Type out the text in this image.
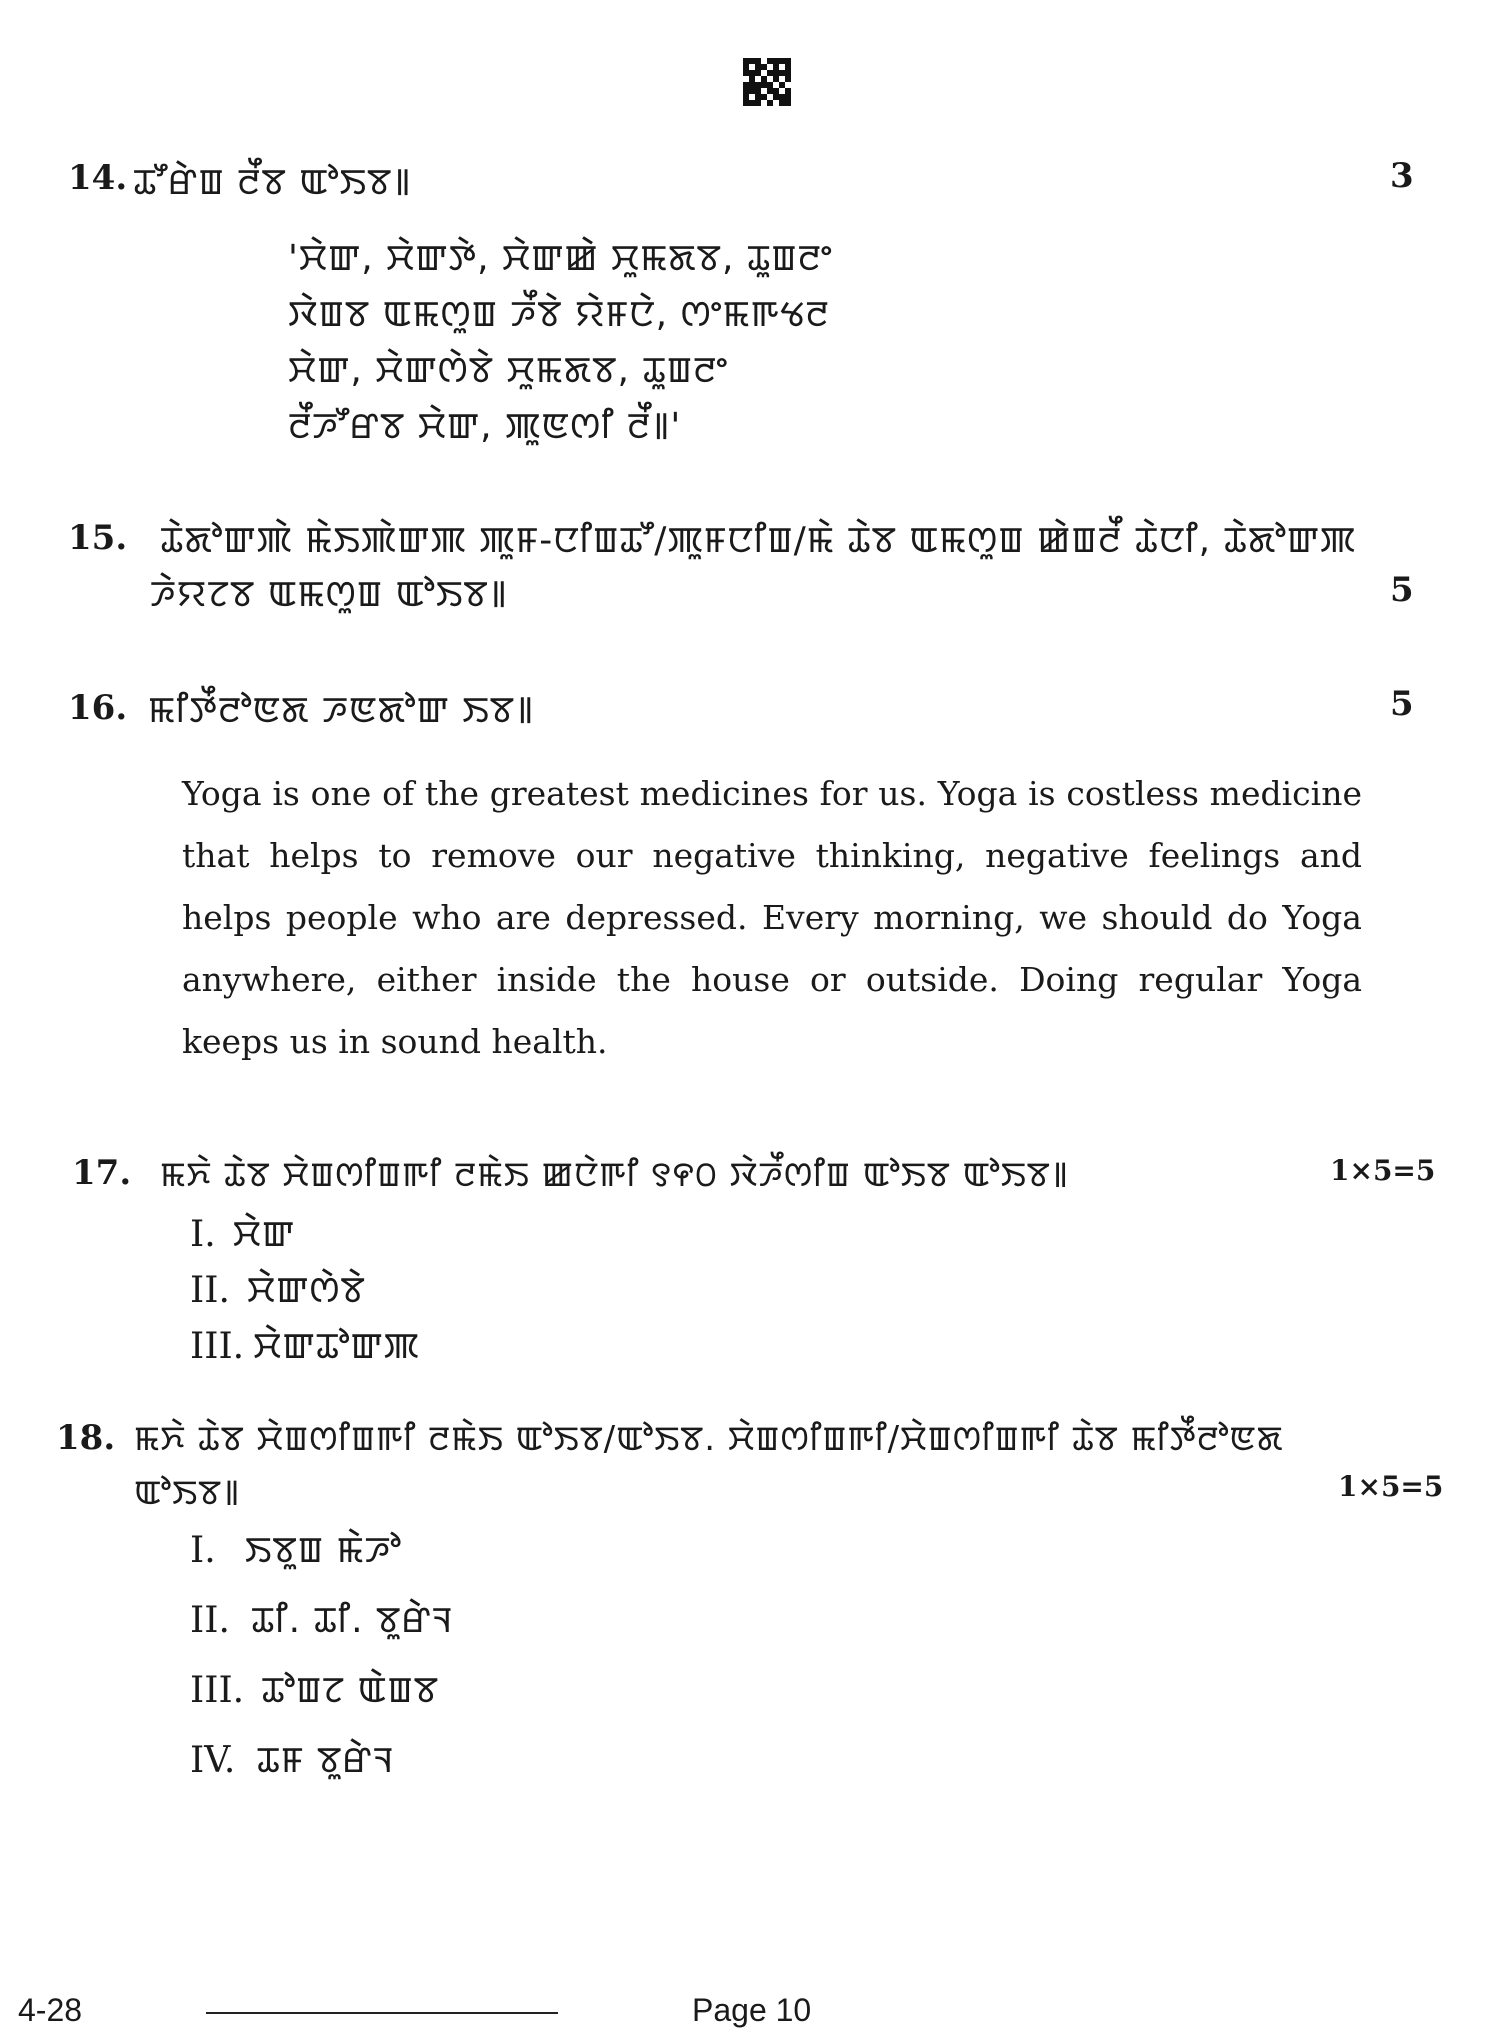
14. ꯊꯧꯔꯥꯡ ꯂꯩꯕ ꯑꯣꯏꯕ꯫	3
'ꯆꯥꯛ, ꯆꯥꯛꯇꯥ, ꯆꯥꯛꯀꯥ ꯆꯨꯃꯗꯕ, ꯊꯨꯡꯂꯦ
ꯋꯥꯡꯕ ꯑꯃꯁꯨꯡ ꯍꯩꯕꯥ ꯌꯥꯝꯅꯥ, ꯁꯦꯃꯒꯠꯂ
ꯆꯥꯛ, ꯆꯥꯛꯁꯥꯕꯥ ꯆꯨꯃꯗꯕ, ꯊꯨꯡꯂꯦ
ꯂꯩꯍꯧꯔꯕ ꯆꯥꯛ, ꯄꯨꯟꯁꯤ ꯂꯩ꯫'
15. ꯊꯥꯗꯣꯛꯄꯥ ꯃꯥꯏꯄꯥꯛꯄ ꯄꯨꯝ-ꯅꯤꯡꯊꯧ/ꯄꯨꯝꯅꯤꯡ/ꯃꯥ ꯊꯥꯕ ꯑꯃꯁꯨꯡ ꯀꯥꯡꯂꯩ ꯊꯥꯅꯤ, ꯊꯥꯗꯣꯛꯄ
ꯍꯥꯌꯖꯕ ꯑꯃꯁꯨꯡ ꯑꯣꯏꯕ꯫	5
16. ꯃꯤꯇꯩꯂꯣꯟꯗ ꯍꯟꯗꯣꯛ ꯏꯕ꯫	5
Yoga is one of the greatest medicines for us. Yoga is costless medicine that helps to remove our negative thinking, negative feelings and helps people who are depressed. Every morning, we should do Yoga anywhere, either inside the house or outside. Doing regular Yoga keeps us in sound health.
17. ꯃꯈꯥ ꯊꯥꯕ ꯆꯥꯡꯁꯤꯡꯒꯤ ꯂꯃꯥꯏ ꯀꯅꯥꯒꯤ ꯱꯵꯰ ꯋꯥꯍꯩꯁꯤꯡ ꯑꯣꯏꯕ ꯑꯣꯏꯕ꯫	1×5=5
I. ꯆꯥꯛ
II. ꯆꯥꯛꯁꯥꯕꯥ
III. ꯆꯥꯛꯊꯣꯛꯄ
18. ꯃꯈꯥ ꯊꯥꯕ ꯆꯥꯡꯁꯤꯡꯒꯤ ꯂꯃꯥꯏ ꯑꯣꯏꯕ/ꯑꯣꯏꯕ. ꯆꯥꯡꯁꯤꯡꯒꯤ/ꯆꯥꯡꯁꯤꯡꯒꯤ ꯊꯥꯕ ꯃꯤꯇꯩꯂꯣꯟꯗ
ꯑꯣꯏꯕ꯫	1×5=5
I. ꯏꯕꯨꯡ ꯃꯥꯍꯣ
II. ꯊꯤ. ꯊꯤ. ꯕꯨꯔꯥꯜ
III. ꯊꯣꯡꯖ ꯑꯥꯡꯕ
IV. ꯊꯝ ꯕꯨꯔꯥꯜ
4-28	Page 10
